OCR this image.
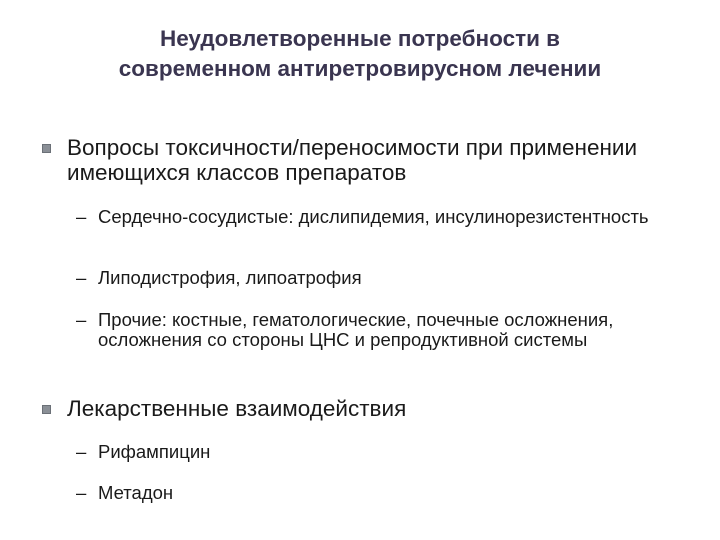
Неудовлетворенные потребности в
современном антиретровирусном лечении
Вопросы токсичности/переносимости при применении имеющихся классов препаратов
– Сердечно-сосудистые: дислипидемия, инсулинорезистентность
– Липодистрофия, липоатрофия
– Прочие: костные, гематологические, почечные осложнения, осложнения со стороны ЦНС и репродуктивной системы
Лекарственные взаимодействия
– Рифампицин
– Метадон
